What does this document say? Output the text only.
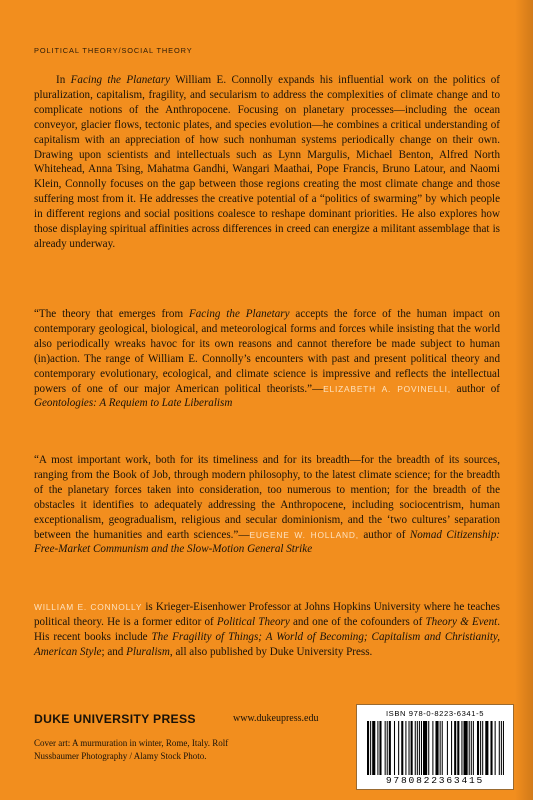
POLITICAL THEORY/SOCIAL THEORY

In Facing the Planetary William E. Connolly expands his influential work on the politics of pluralization, capitalism, fragility, and secularism to address the complexities of climate change and to complicate notions of the Anthropocene. Focusing on planetary processes—including the ocean conveyor, glacier flows, tectonic plates, and species evolution—he combines a critical understanding of capitalism with an appreciation of how such nonhuman systems periodically change on their own. Drawing upon scientists and intellectuals such as Lynn Margulis, Michael Benton, Alfred North Whitehead, Anna Tsing, Mahatma Gandhi, Wangari Maathai, Pope Francis, Bruno Latour, and Naomi Klein, Connolly focuses on the gap between those regions creating the most climate change and those suffering most from it. He addresses the creative potential of a “politics of swarming” by which people in different regions and social positions coalesce to reshape dominant priorities. He also explores how those displaying spiritual affinities across differences in creed can energize a militant assemblage that is already underway.

“The theory that emerges from Facing the Planetary accepts the force of the human impact on contemporary geological, biological, and meteorological forms and forces while insisting that the world also periodically wreaks havoc for its own reasons and cannot therefore be made subject to human (in)action. The range of William E. Connolly’s encounters with past and present political theory and contemporary evolutionary, ecological, and climate science is impressive and reflects the intellectual powers of one of our major American political theorists.”—ELIZABETH A. POVINELLI, author of Geontologies: A Requiem to Late Liberalism

“A most important work, both for its timeliness and for its breadth—for the breadth of its sources, ranging from the Book of Job, through modern philosophy, to the latest climate science; for the breadth of the planetary forces taken into consideration, too numerous to mention; for the breadth of the obstacles it identifies to adequately addressing the Anthropocene, including sociocentrism, human exceptionalism, geogradualism, religious and secular dominionism, and the ‘two cultures’ separation between the humanities and earth sciences.”—EUGENE W. HOLLAND, author of Nomad Citizenship: Free-Market Communism and the Slow-Motion General Strike

WILLIAM E. CONNOLLY is Krieger-Eisenhower Professor at Johns Hopkins University where he teaches political theory. He is a former editor of Political Theory and one of the cofounders of Theory & Event. His recent books include The Fragility of Things; A World of Becoming; Capitalism and Christianity, American Style; and Pluralism, all also published by Duke University Press.

DUKE UNIVERSITY PRESS	www.dukeupress.edu
Cover art: A murmuration in winter, Rome, Italy. Rolf Nussbaumer Photography / Alamy Stock Photo.
ISBN 978-0-8223-6341-5
9780822363415
